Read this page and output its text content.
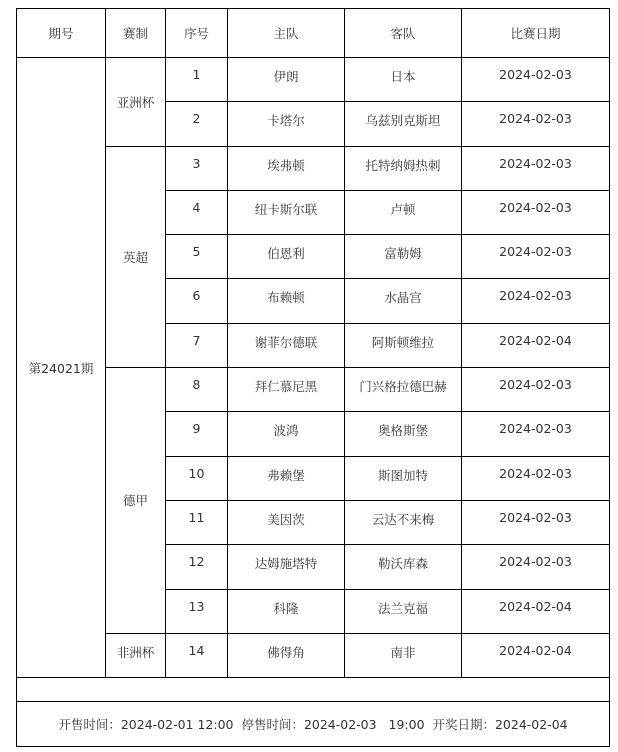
期号	赛制	序号	主队	客队	比赛日期
第24021期	亚洲杯	1	伊朗	日本	2024-02-03
		2	卡塔尔	乌兹别克斯坦	2024-02-03
	英超	3	埃弗顿	托特纳姆热刺	2024-02-03
		4	纽卡斯尔联	卢顿	2024-02-03
		5	伯恩利	富勒姆	2024-02-03
		6	布赖顿	水晶宫	2024-02-03
		7	谢菲尔德联	阿斯顿维拉	2024-02-04
	德甲	8	拜仁慕尼黑	门兴格拉德巴赫	2024-02-03
		9	波鸿	奥格斯堡	2024-02-03
		10	弗赖堡	斯图加特	2024-02-03
		11	美因茨	云达不来梅	2024-02-03
		12	达姆施塔特	勒沃库森	2024-02-03
		13	科隆	法兰克福	2024-02-04
	非洲杯	14	佛得角	南非	2024-02-04

开售时间：2024-02-01 12:00  停售时间：2024-02-03   19:00  开奖日期：2024-02-04					
